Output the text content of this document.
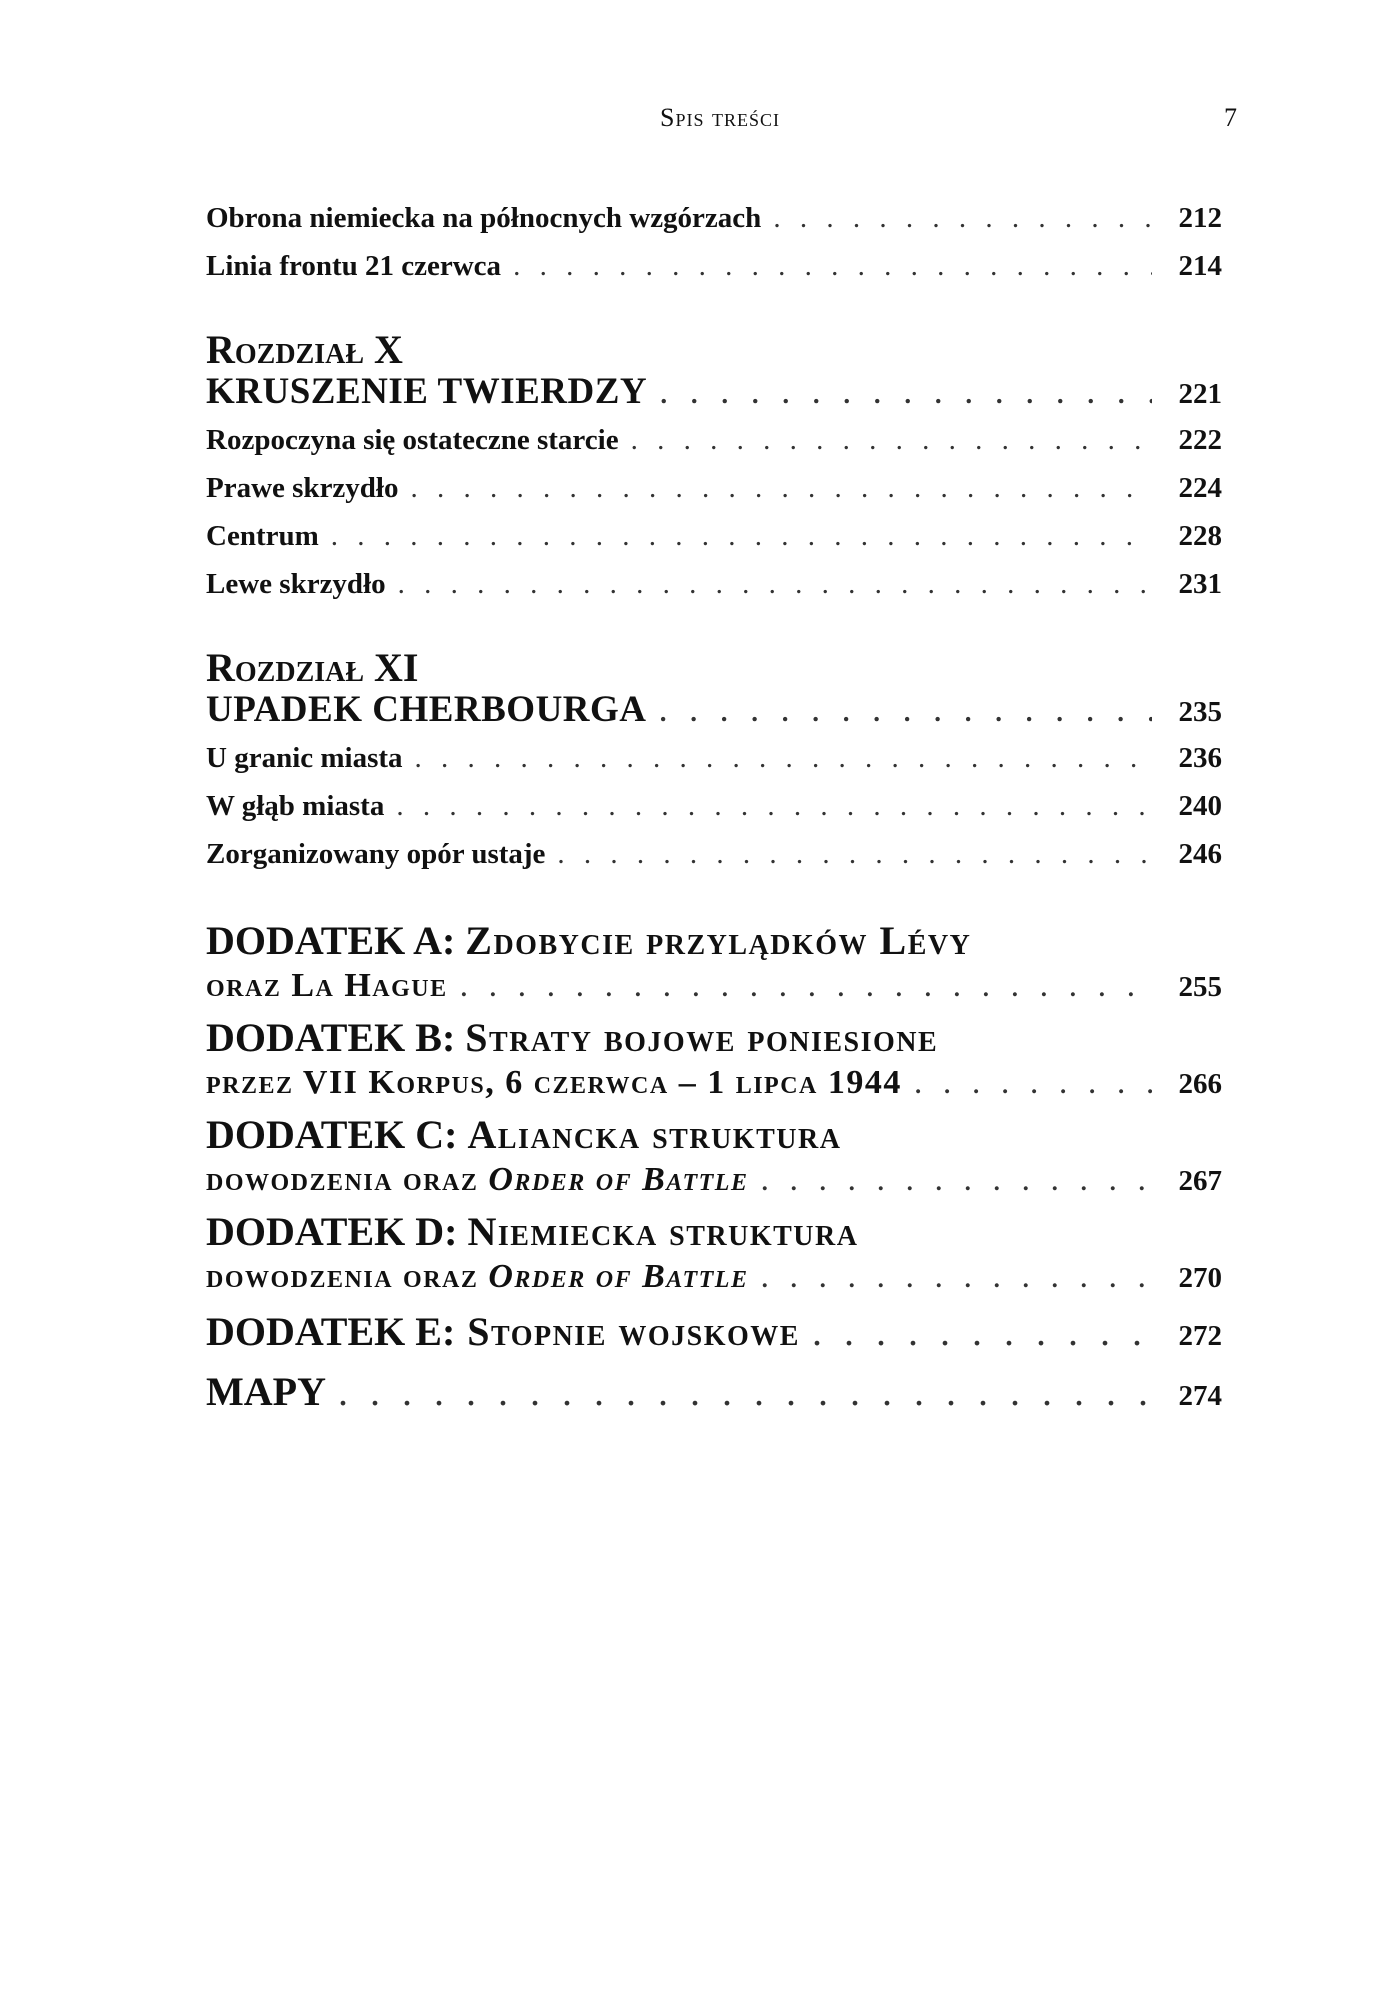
Spis treści	7
Obrona niemiecka na północnych wzgórzach . . .	212
Linia frontu 21 czerwca . . .	214
Rozdział X
KRUSZENIE TWIERDZY . . .	221
Rozpoczyna się ostateczne starcie . . .	222
Prawe skrzydło . . .	224
Centrum . . .	228
Lewe skrzydło . . .	231
Rozdział XI
UPADEK CHERBOURGA . . .	235
U granic miasta . . .	236
W głąb miasta . . .	240
Zorganizowany opór ustaje . . .	246
DODATEK A: Zdobycie przylądków Lévy
oraz La Hague . . .	255
DODATEK B: Straty bojowe poniesione
przez VII Korpus, 6 czerwca – 1 lipca 1944 . . .	266
DODATEK C: Aliancka struktura
dowodzenia oraz Order of Battle . . .	267
DODATEK D: Niemiecka struktura
dowodzenia oraz Order of Battle . . .	270
DODATEK E: Stopnie wojskowe . . .	272
MAPY . . .	274
